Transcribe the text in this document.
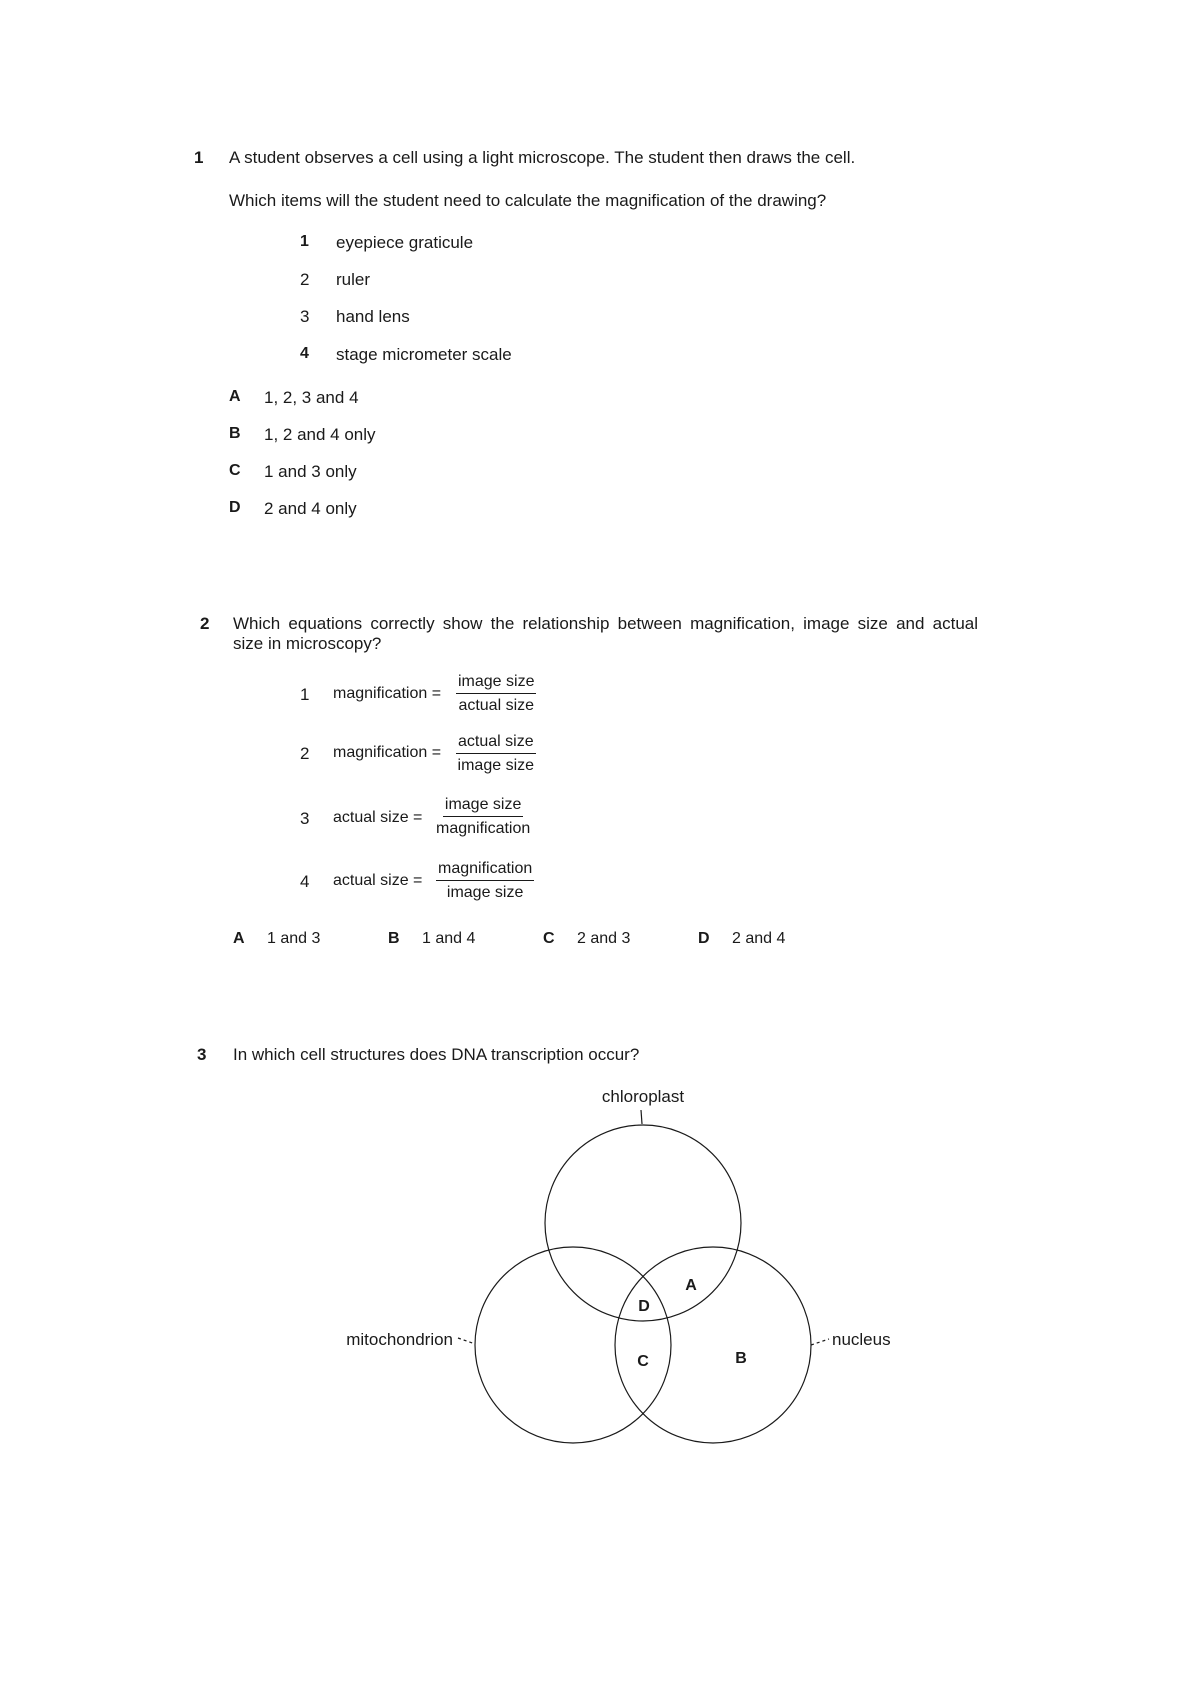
1 A student observes a cell using a light microscope. The student then draws the cell.
Which items will the student need to calculate the magnification of the drawing?
1 eyepiece graticule
2 ruler
3 hand lens
4 stage micrometer scale
A 1, 2, 3 and 4
B 1, 2 and 4 only
C 1 and 3 only
D 2 and 4 only
2 Which equations correctly show the relationship between magnification, image size and actual
size in microscopy?
1 magnification =
image size
actual size
2 magnification =
actual size
image size
3 actual size =
image size
magnification
4 actual size =
magnification
image size
A 1 and 3	B 1 and 4	C 2 and 3	D 2 and 4
3 In which cell structures does DNA transcription occur?
chloroplast
mitochondrion	nucleus
A
B
C
D
